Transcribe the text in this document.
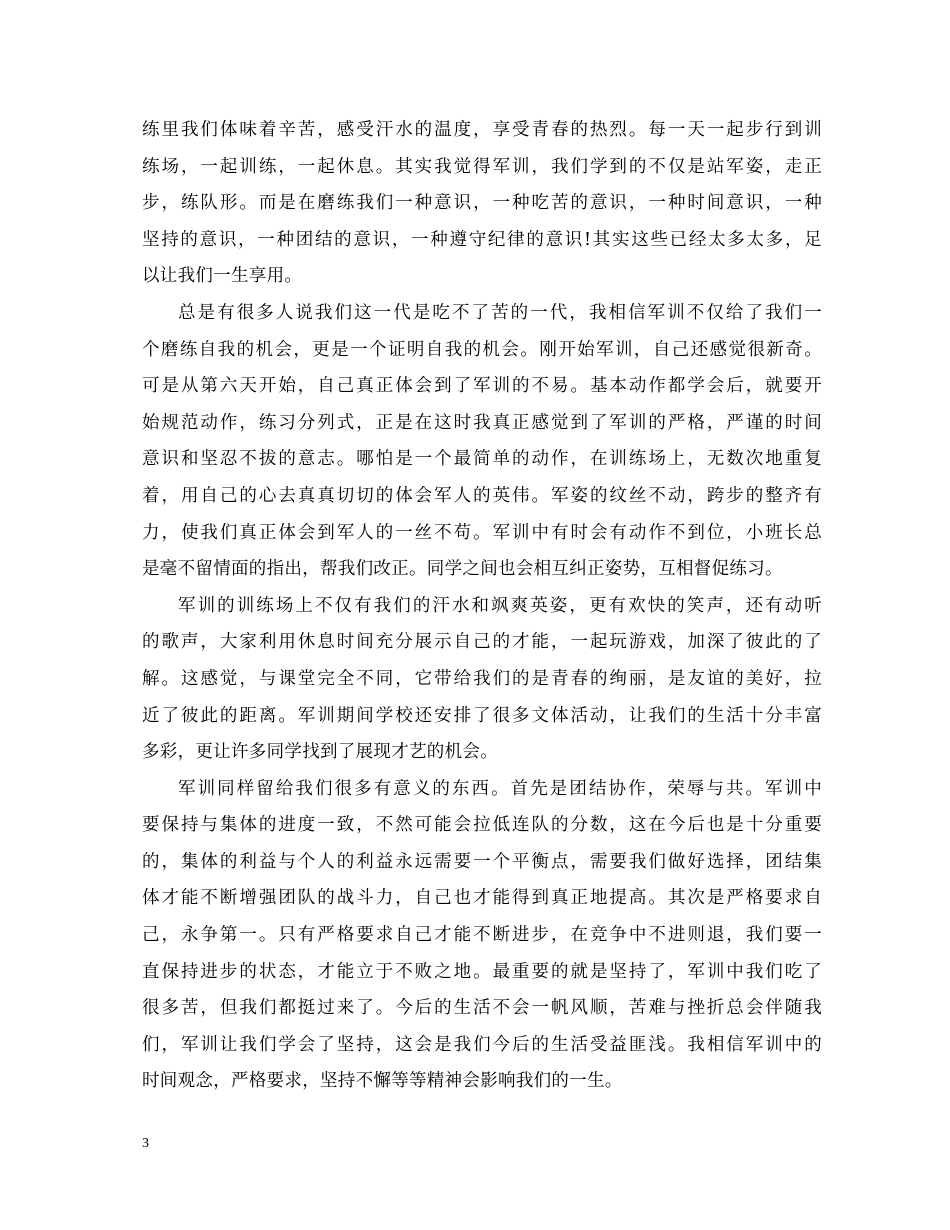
练里我们体味着辛苦，感受汗水的温度，享受青春的热烈。每一天一起步行到训
练场，一起训练，一起休息。其实我觉得军训，我们学到的不仅是站军姿，走正
步，练队形。而是在磨练我们一种意识，一种吃苦的意识，一种时间意识，一种
坚持的意识，一种团结的意识，一种遵守纪律的意识!其实这些已经太多太多，足
以让我们一生享用。
总是有很多人说我们这一代是吃不了苦的一代，我相信军训不仅给了我们一
个磨练自我的机会，更是一个证明自我的机会。刚开始军训，自己还感觉很新奇。
可是从第六天开始，自己真正体会到了军训的不易。基本动作都学会后，就要开
始规范动作，练习分列式，正是在这时我真正感觉到了军训的严格，严谨的时间
意识和坚忍不拔的意志。哪怕是一个最简单的动作，在训练场上，无数次地重复
着，用自己的心去真真切切的体会军人的英伟。军姿的纹丝不动，跨步的整齐有
力，使我们真正体会到军人的一丝不苟。军训中有时会有动作不到位，小班长总
是毫不留情面的指出，帮我们改正。同学之间也会相互纠正姿势，互相督促练习。
军训的训练场上不仅有我们的汗水和飒爽英姿，更有欢快的笑声，还有动听
的歌声，大家利用休息时间充分展示自己的才能，一起玩游戏，加深了彼此的了
解。这感觉，与课堂完全不同，它带给我们的是青春的绚丽，是友谊的美好，拉
近了彼此的距离。军训期间学校还安排了很多文体活动，让我们的生活十分丰富
多彩，更让许多同学找到了展现才艺的机会。
军训同样留给我们很多有意义的东西。首先是团结协作，荣辱与共。军训中
要保持与集体的进度一致，不然可能会拉低连队的分数，这在今后也是十分重要
的，集体的利益与个人的利益永远需要一个平衡点，需要我们做好选择，团结集
体才能不断增强团队的战斗力，自己也才能得到真正地提高。其次是严格要求自
己，永争第一。只有严格要求自己才能不断进步，在竞争中不进则退，我们要一
直保持进步的状态，才能立于不败之地。最重要的就是坚持了，军训中我们吃了
很多苦，但我们都挺过来了。今后的生活不会一帆风顺，苦难与挫折总会伴随我
们，军训让我们学会了坚持，这会是我们今后的生活受益匪浅。我相信军训中的
时间观念，严格要求，坚持不懈等等精神会影响我们的一生。
3
